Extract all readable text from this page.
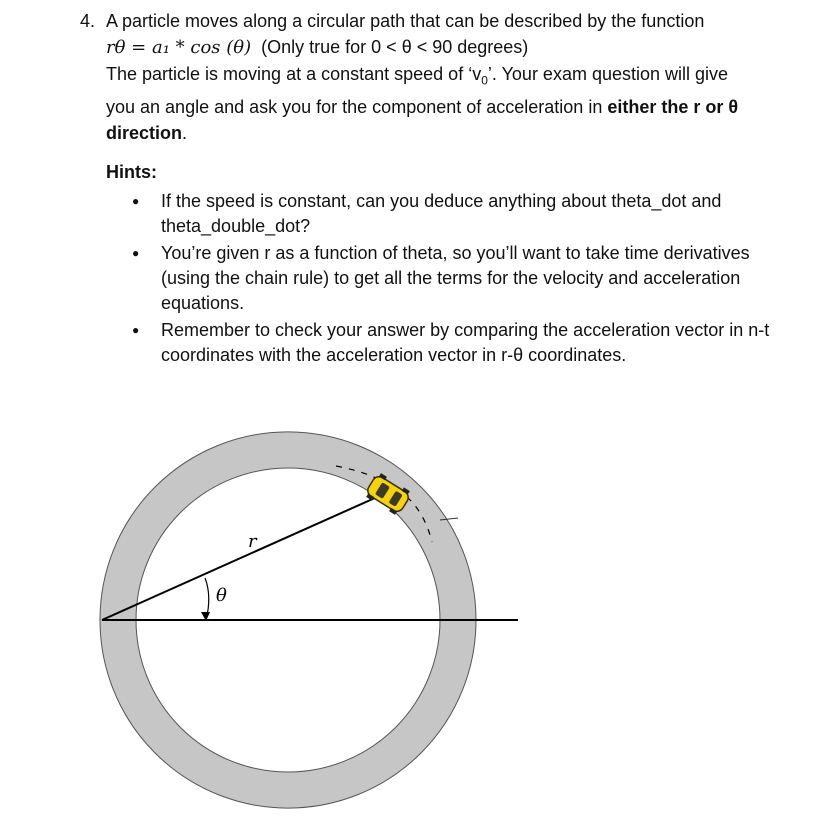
4. A particle moves along a circular path that can be described by the function
rθ = a₁ * cos (θ) (Only true for 0 < θ < 90 degrees)
The particle is moving at a constant speed of ‘$v_0$’. Your exam question will give
you an angle and ask you for the component of acceleration in either the r or θ
direction.
Hints:
● If the speed is constant, can you deduce anything about theta_dot and theta_double_dot?
● You’re given r as a function of theta, so you’ll want to take time derivatives (using the chain rule) to get all the terms for the velocity and acceleration equations.
● Remember to check your answer by comparing the acceleration vector in n-t coordinates with the acceleration vector in r-θ coordinates.
r
θ
